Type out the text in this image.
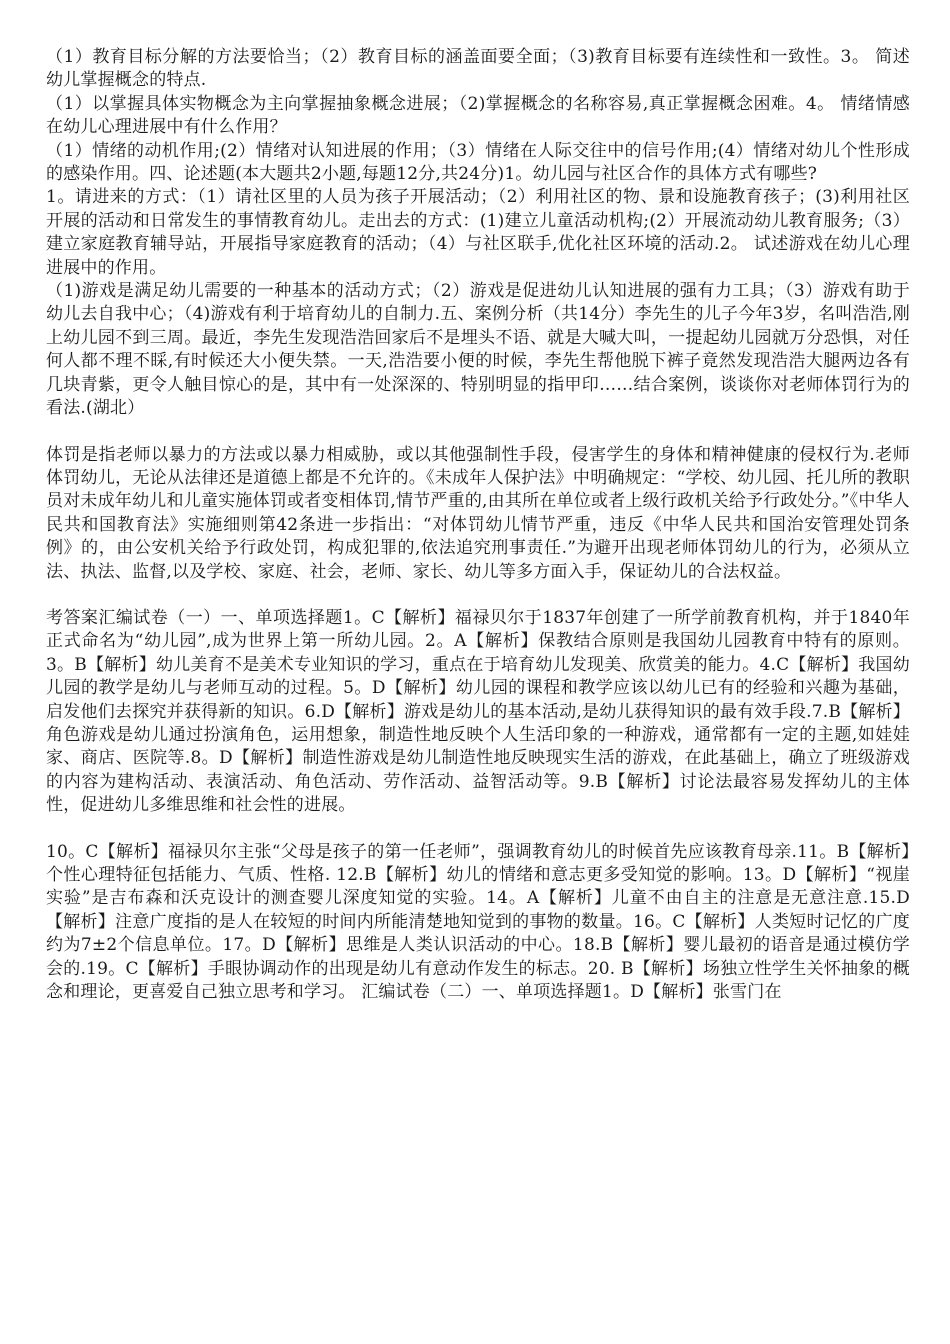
（1）教育目标分解的方法要恰当；（2）教育目标的涵盖面要全面；（3)教育目标要有连续性和一致性。3。 简述幼儿掌握概念的特点.

（1）以掌握具体实物概念为主向掌握抽象概念进展；（2)掌握概念的名称容易,真正掌握概念困难。4。 情绪情感在幼儿心理进展中有什么作用？

（1）情绪的动机作用;(2）情绪对认知进展的作用；（3）情绪在人际交往中的信号作用;(4）情绪对幼儿个性形成的感染作用。四、论述题(本大题共2小题,每题12分,共24分)1。幼儿园与社区合作的具体方式有哪些?

1。请进来的方式：（1）请社区里的人员为孩子开展活动；（2）利用社区的物、景和设施教育孩子；(3)利用社区开展的活动和日常发生的事情教育幼儿。走出去的方式：(1)建立儿童活动机构;(2）开展流动幼儿教育服务;（3）建立家庭教育辅导站，开展指导家庭教育的活动；（4）与社区联手,优化社区环境的活动.2。 试述游戏在幼儿心理进展中的作用。

（1)游戏是满足幼儿需要的一种基本的活动方式；（2）游戏是促进幼儿认知进展的强有力工具；（3）游戏有助于幼儿去自我中心；（4)游戏有利于培育幼儿的自制力.五、案例分析（共14分）李先生的儿子今年3岁，名叫浩浩,刚上幼儿园不到三周。最近，李先生发现浩浩回家后不是埋头不语、就是大喊大叫，一提起幼儿园就万分恐惧，对任何人都不理不睬,有时候还大小便失禁。一天,浩浩要小便的时候，李先生帮他脱下裤子竟然发现浩浩大腿两边各有几块青紫，更令人触目惊心的是，其中有一处深深的、特别明显的指甲印……结合案例，谈谈你对老师体罚行为的看法.(湖北）

体罚是指老师以暴力的方法或以暴力相威胁，或以其他强制性手段，侵害学生的身体和精神健康的侵权行为.老师体罚幼儿，无论从法律还是道德上都是不允许的。《未成年人保护法》中明确规定：“学校、幼儿园、托儿所的教职员对未成年幼儿和儿童实施体罚或者变相体罚,情节严重的,由其所在单位或者上级行政机关给予行政处分。”《中华人民共和国教育法》实施细则第42条进一步指出：“对体罚幼儿情节严重，违反《中华人民共和国治安管理处罚条例》的，由公安机关给予行政处罚，构成犯罪的,依法追究刑事责任.”为避开出现老师体罚幼儿的行为，必须从立法、执法、监督,以及学校、家庭、社会，老师、家长、幼儿等多方面入手，保证幼儿的合法权益。

考答案汇编试卷（一）一、单项选择题1。C【解析】福禄贝尔于1837年创建了一所学前教育机构，并于1840年正式命名为“幼儿园”,成为世界上第一所幼儿园。2。A【解析】保教结合原则是我国幼儿园教育中特有的原则。3。B【解析】幼儿美育不是美术专业知识的学习，重点在于培育幼儿发现美、欣赏美的能力。4.C【解析】我国幼儿园的教学是幼儿与老师互动的过程。5。D【解析】幼儿园的课程和教学应该以幼儿已有的经验和兴趣为基础，启发他们去探究并获得新的知识。6.D【解析】游戏是幼儿的基本活动,是幼儿获得知识的最有效手段.7.B【解析】角色游戏是幼儿通过扮演角色，运用想象，制造性地反映个人生活印象的一种游戏，通常都有一定的主题,如娃娃家、商店、医院等.8。D【解析】制造性游戏是幼儿制造性地反映现实生活的游戏，在此基础上，确立了班级游戏的内容为建构活动、表演活动、角色活动、劳作活动、益智活动等。9.B【解析】讨论法最容易发挥幼儿的主体性，促进幼儿多维思维和社会性的进展。

10。C【解析】福禄贝尔主张“父母是孩子的第一任老师”，强调教育幼儿的时候首先应该教育母亲.11。B【解析】个性心理特征包括能力、气质、性格. 12.B【解析】幼儿的情绪和意志更多受知觉的影响。13。D【解析】“视崖实验”是吉布森和沃克设计的测查婴儿深度知觉的实验。14。A【解析】儿童不由自主的注意是无意注意.15.D【解析】注意广度指的是人在较短的时间内所能清楚地知觉到的事物的数量。16。C【解析】人类短时记忆的广度约为7±2个信息单位。17。D【解析】思维是人类认识活动的中心。18.B【解析】婴儿最初的语音是通过模仿学会的.19。C【解析】手眼协调动作的出现是幼儿有意动作发生的标志。20. B【解析】场独立性学生关怀抽象的概念和理论，更喜爱自己独立思考和学习。 汇编试卷（二）一、单项选择题1。D【解析】张雪门在
